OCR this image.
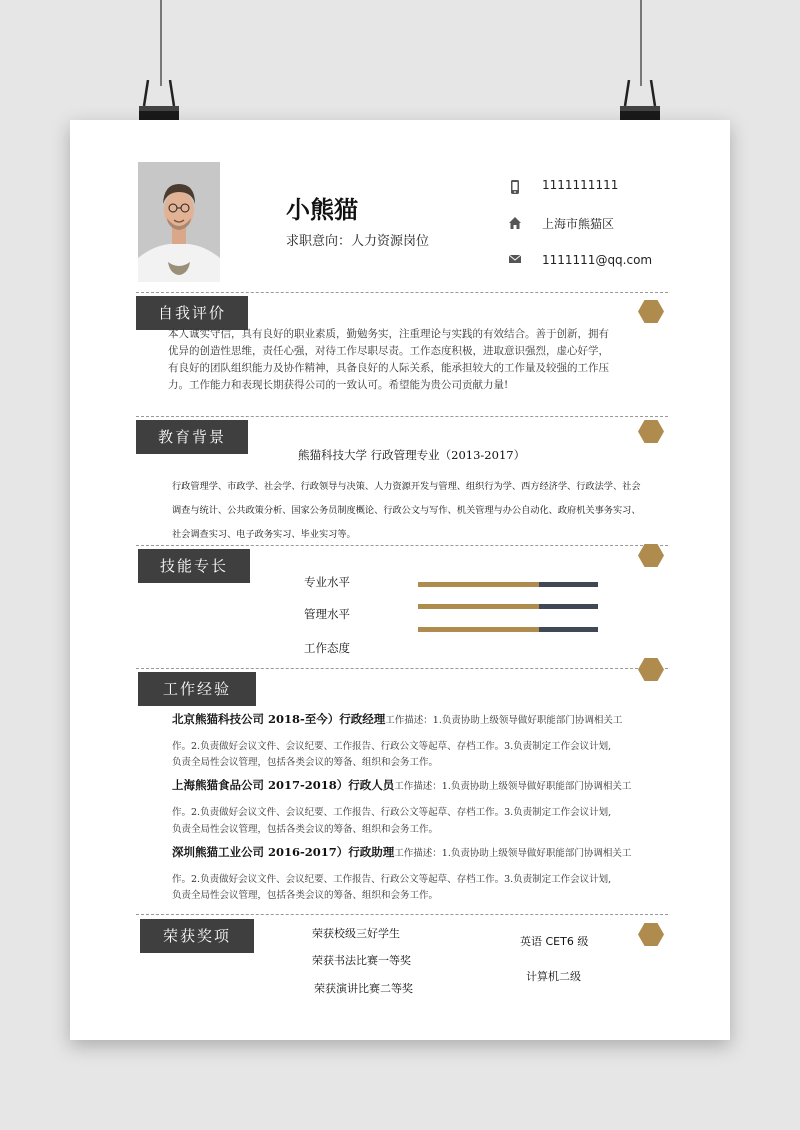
小熊猫
求职意向：人力资源岗位
1111111111
上海市熊猫区
1111111@qq.com
自我评价
本人诚实守信，具有良好的职业素质，勤勉务实，注重理论与实践的有效结合。善于创新，拥有
优异的创造性思维，责任心强，对待工作尽职尽责。工作态度积极，进取意识强烈，虚心好学，
有良好的团队组织能力及协作精神，具备良好的人际关系，能承担较大的工作量及较强的工作压
力。工作能力和表现长期获得公司的一致认可。希望能为贵公司贡献力量!
教育背景
熊猫科技大学 行政管理专业（2013-2017）
行政管理学、市政学、社会学、行政领导与决策、人力资源开发与管理、组织行为学、西方经济学、行政法学、社会
调查与统计、公共政策分析、国家公务员制度概论、行政公文与写作、机关管理与办公自动化、政府机关事务实习、
社会调查实习、电子政务实习、毕业实习等。
技能专长
专业水平
管理水平
工作态度
工作经验
北京熊猫科技公司 2018-至今）行政经理工作描述：1.负责协助上级领导做好职能部门协调相关工
作。2.负责做好会议文件、会议纪要、工作报告、行政公文等起草、存档工作。3.负责制定工作会议计划,
负责全局性会议管理，包括各类会议的筹备、组织和会务工作。
上海熊猫食品公司 2017-2018）行政人员工作描述：1.负责协助上级领导做好职能部门协调相关工
作。2.负责做好会议文件、会议纪要、工作报告、行政公文等起草、存档工作。3.负责制定工作会议计划,
负责全局性会议管理，包括各类会议的筹备、组织和会务工作。
深圳熊猫工业公司 2016-2017）行政助理工作描述：1.负责协助上级领导做好职能部门协调相关工
作。2.负责做好会议文件、会议纪要、工作报告、行政公文等起草、存档工作。3.负责制定工作会议计划,
负责全局性会议管理，包括各类会议的筹备、组织和会务工作。
荣获奖项	荣获校级三好学生
荣获书法比赛一等奖
荣获演讲比赛二等奖
英语 CET6 级
计算机二级
